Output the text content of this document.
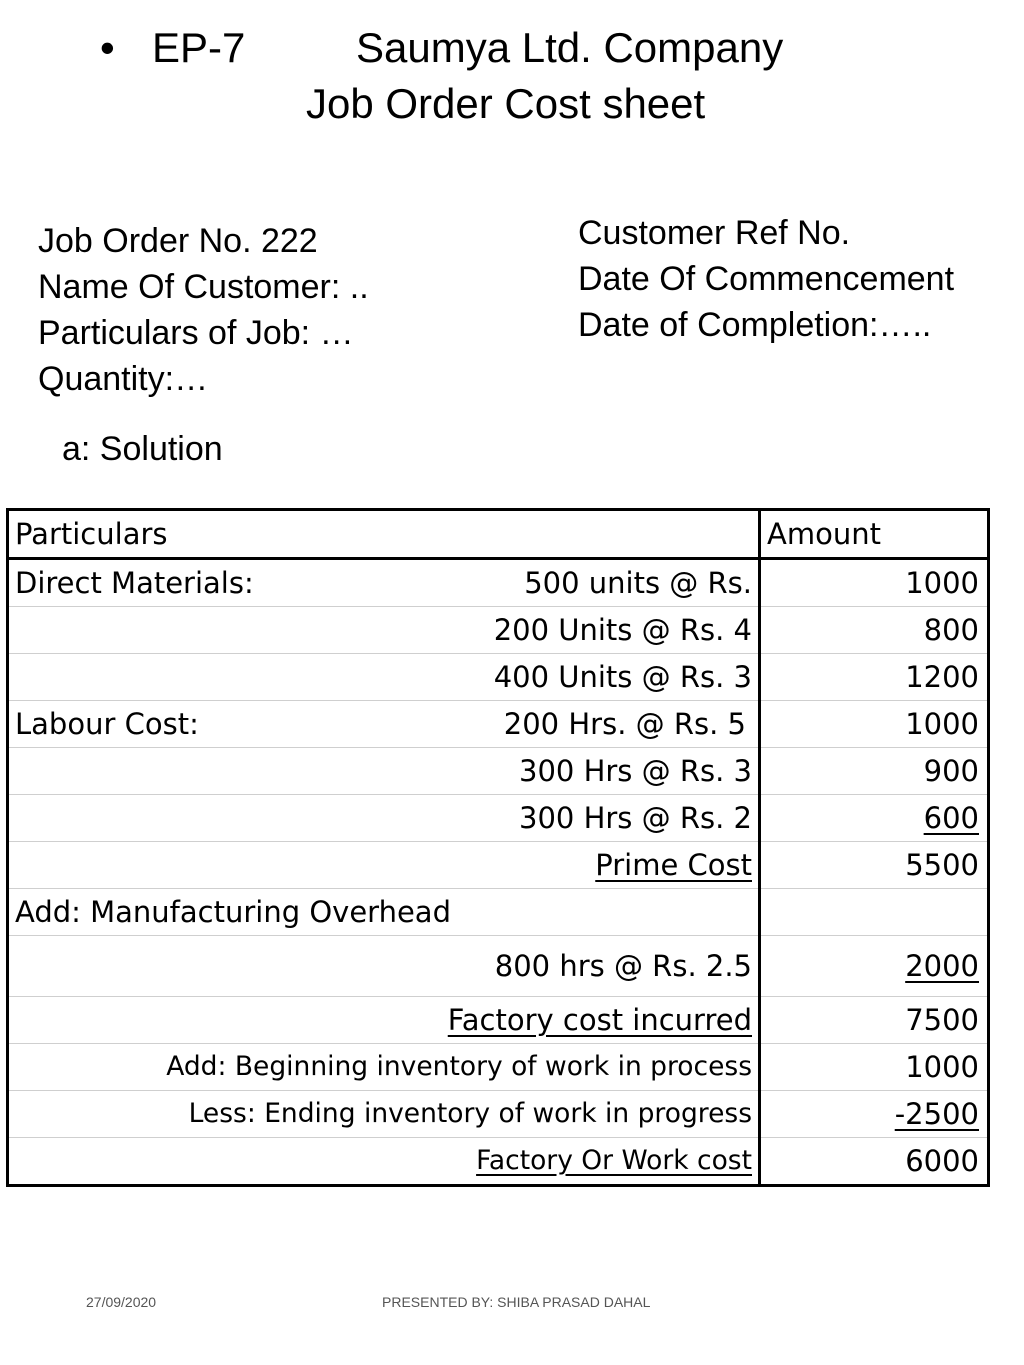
• EP-7	Saumya Ltd. Company
Job Order Cost sheet
Job Order No. 222
Name Of Customer: ..
Particulars of Job: …
Quantity:…
Customer Ref No.
Date Of Commencement
Date of Completion:…..
a: Solution
Particulars	Amount

Direct Materials: 500 units @ Rs.	1000
200 Units @ Rs. 4	800
400 Units @ Rs. 3	1200

Labour Cost: 200 Hrs. @ Rs. 5	1000
300 Hrs @ Rs. 3	900
300 Hrs @ Rs. 2	600
Prime Cost	5500
Add: Manufacturing Overhead	
800 hrs @ Rs. 2.5	2000
Factory cost incurred	7500
Add: Beginning inventory of work in process	1000
Less: Ending inventory of work in progress	-2500
Factory Or Work cost	6000
27/09/2020	PRESENTED BY: SHIBA PRASAD DAHAL
